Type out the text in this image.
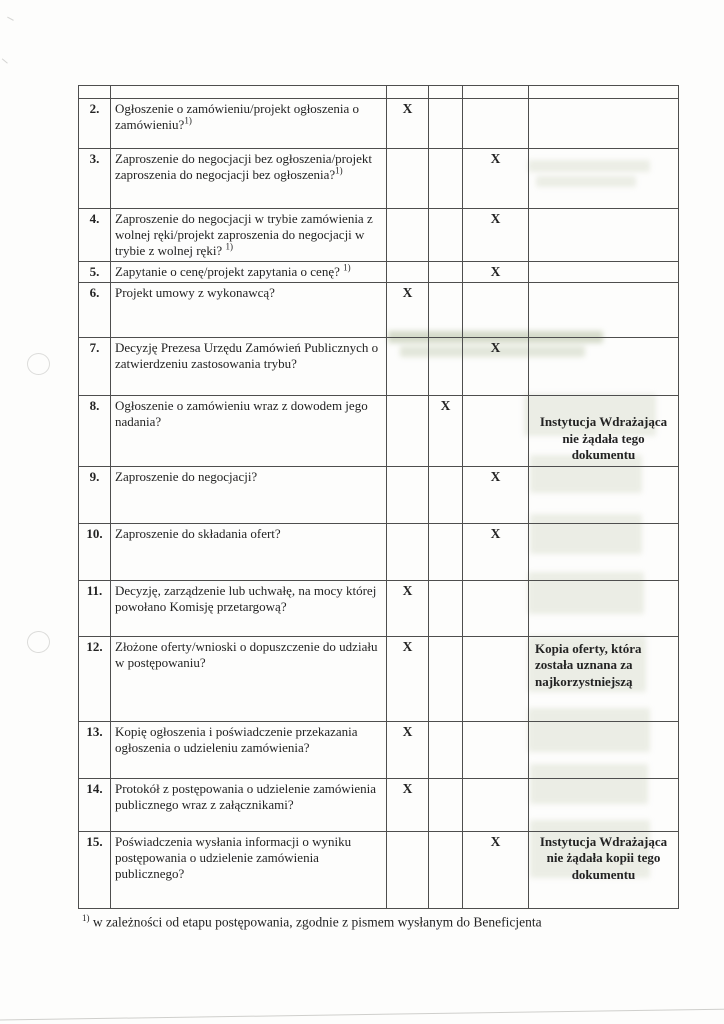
2.	Ogłoszenie o zamówieniu/projekt ogłoszenia o zamówieniu?$^{1)}$	X			
3.	Zaproszenie do negocjacji bez ogłoszenia/projekt zaproszenia do negocjacji bez ogłoszenia?$^{1)}$			X	
4.	Zaproszenie do negocjacji w trybie zamówienia z wolnej ręki/projekt zaproszenia do negocjacji w trybie z wolnej ręki? $^{1)}$			X	
5.	Zapytanie o cenę/projekt zapytania o cenę? $^{1)}$			X	
6.	Projekt umowy z wykonawcą?	X			
7.	Decyzję Prezesa Urzędu Zamówień Publicznych o zatwierdzeniu zastosowania trybu?			X	
8.	Ogłoszenie o zamówieniu wraz z dowodem jego nadania?		X		Instytucja Wdrażająca nie żądała tego dokumentu
9.	Zaproszenie do negocjacji?			X	
10.	Zaproszenie do składania ofert?			X	
11.	Decyzję, zarządzenie lub uchwałę, na mocy której powołano Komisję przetargową?	X			
12.	Złożone oferty/wnioski o dopuszczenie do udziału w postępowaniu?	X			Kopia oferty, która została uznana za najkorzystniejszą
13.	Kopię ogłoszenia i poświadczenie przekazania ogłoszenia o udzieleniu zamówienia?	X			
14.	Protokół z postępowania o udzielenie zamówienia publicznego wraz z załącznikami?	X			
15.	Poświadczenia wysłania informacji o wyniku postępowania o udzielenie zamówienia publicznego?			X	Instytucja Wdrażająca nie żądała kopii tego dokumentu
$^{1)}$ w zależności od etapu postępowania, zgodnie z pismem wysłanym do Beneficjenta
